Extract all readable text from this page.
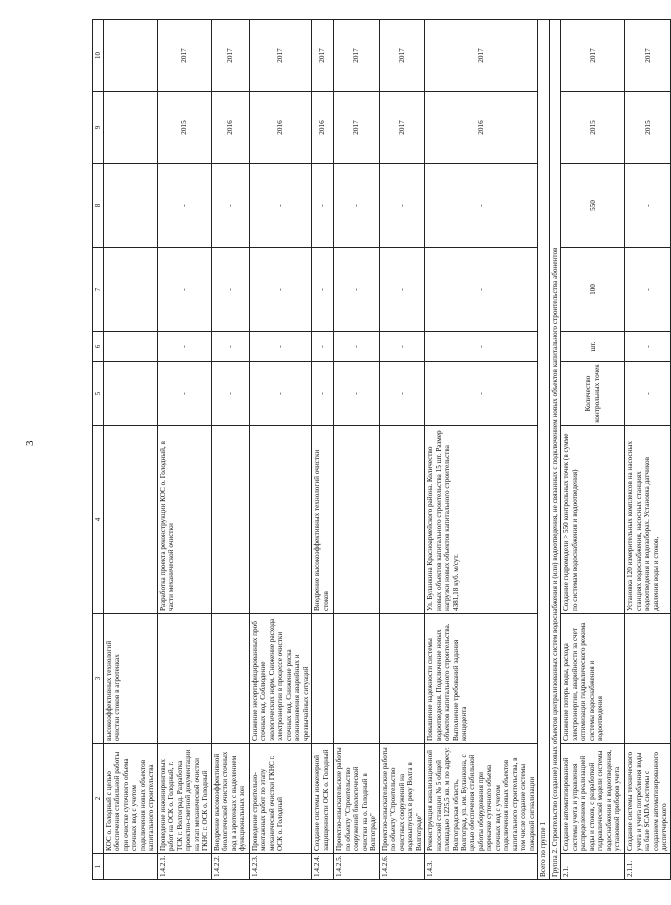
3
1	2	3	4	5	6	7	8	9	10
	КОС о. Голодный с целью обеспечения стабильной работы при очистке суточного объема сточных вод с учетом подключения новых объектов капитального строительства	высокоэффективных технологий очистки стоков в агротенках							
1.4.2.1.	Проведение инжиниринговых работ на ОСК о. Голодный, г. ТСК г. Волгоград. Разработка проектно-сметной документации на этап механической очистки ГКНС г. ОСК о. Голодный		Разработка проекта реконструкции КОС о. Голодный, в части механической очистки	-	-	-	-	2015	2017
1.4.2.2.	Внедрение высокоэффективной биологической очистки сточных вод в аэротенках с выделением функциональных зон			-	-	-	-	2016	2017
1.4.2.3.	Проведение строительно-монтажных работ по этапу механической очистки ГКНС г. ОСК о. Голодный	Снижение несертифицированных проб сточных вод. Соблюдение экологических норм. Снижение расхода электроэнергии в процессе очистки сточных вод. Снижение риска возникновения аварийных и чрезвычайных ситуаций		-	-	-	-	2016	2017
1.4.2.4.	Создание системы инженерной защищенности ОСК о. Голодный		Внедрение высокоэффективных технологий очистки стоков	-	-	-	-	2016	2017
1.4.2.5.	Проектно-изыскательские работы по объекту "Строительство сооружений биологической очистки на о. Голодный в Волгограде"			-	-	-	-	2017	2017
1.4.2.6.	Проектно-изыскательские работы по объекту "Строительство очистных сооружений на водовыпусках в реку Волга в Волгограде"			-	-	-	-	2017	2017
1.4.3.	Реконструкция канализационной насосной станции № 5 общей площадью 1225,5 кв. м по адресу: Волгоградская область, Волгоград, ул. им. Буланкина, с целью обеспечения стабильной работы оборудования при перекачке суточного объема сточных вод с учетом подключения новых объектов капитального строительства, в том числе создание системы пожарной сигнализации	Повышение надежности системы водоотведения. Подключение новых объектов капитального строительства. Выполнение требований задания концедента	Ул. Буланкина Красноармейского района. Количество новых объектов капитального строительства 15 шт. Размер нагрузки новых объектов капитального строительства 4381,18 куб. м/сут.	-	-	-	-	2016	2017
Всего по группе 1									
Группа 2. Строительство (создание) новых объектов централизованных систем водоснабжения и (или) водоотведения, не связанных с подключением новых объектов капитального строительства абонентов									
2.1.	Создание автоматизированной системы учета и управления распределением и реализацией воды и стоков, с разработкой гидравлической модели системы водоснабжения и водоотведения, установкой приборов учета	Снижение потерь воды, расхода электроэнергии, аварийности за счет оптимизации гидравлического режима системы водоснабжения и водоотведения	Создание гидромодели > 550 контрольных точек (в сумме по системам водоснабжения и водоотведения)	Количество контрольных точек	шт.	100	550	2015	2017
2.1.1.	Создание системы технического учета и учета потребления воды на базе SCADA системы с созданием автоматизированного диспетчерского		Установка 120 измерительных комплексов на насосных станциях водоснабжения, насосных станциях водоотведения и водозаборах. Установка датчиков давления воды и стоков,	-	-	-	-	2015	2017
